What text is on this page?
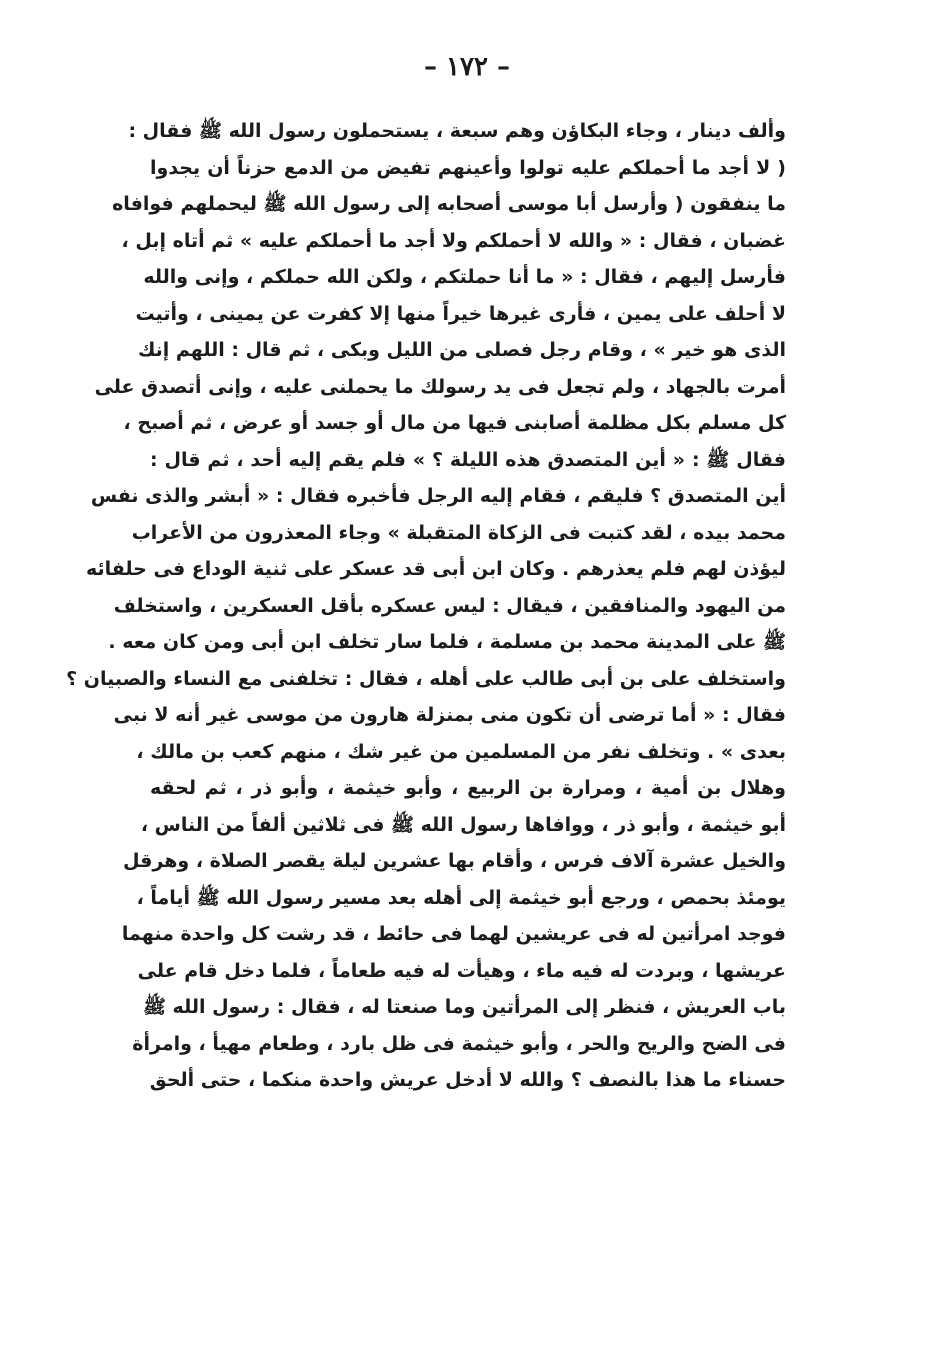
– ١٧٢ –
وألف دينار ، وجاء البكاؤن وهم سبعة ، يستحملون رسول الله ﷺ فقال :
( لا أجد ما أحملكم عليه تولوا وأعينهم تفيض من الدمع حزناً أن يجدوا
ما ينفقون ( وأرسل أبا موسى أصحابه إلى رسول الله ﷺ ليحملهم فوافاه
غضبان ، فقال : « والله لا أحملكم ولا أجد ما أحملكم عليه » ثم أتاه إبل ،
فأرسل إليهم ، فقال : « ما أنا حملتكم ، ولكن الله حملكم ، وإنى والله
لا أحلف على يمين ، فأرى غيرها خيراً منها إلا كفرت عن يمينى ، وأتيت
الذى هو خير » ، وقام رجل فصلى من الليل وبكى ، ثم قال : اللهم إنك
أمرت بالجهاد ، ولم تجعل فى يد رسولك ما يحملنى عليه ، وإنى أتصدق على
كل مسلم بكل مظلمة أصابنى فيها من مال أو جسد أو عرض ، ثم أصبح ،
فقال ﷺ : « أين المتصدق هذه الليلة ؟ » فلم يقم إليه أحد ، ثم قال :
أين المتصدق ؟ فليقم ، فقام إليه الرجل فأخبره فقال : « أبشر والذى نفس
محمد بيده ، لقد كتبت فى الزكاة المتقبلة » وجاء المعذرون من الأعراب
ليؤذن لهم فلم يعذرهم . وكان ابن أبى قد عسكر على ثنية الوداع فى حلفائه
من اليهود والمنافقين ، فيقال : ليس عسكره بأقل العسكرين ، واستخلف
ﷺ على المدينة محمد بن مسلمة ، فلما سار تخلف ابن أبى ومن كان معه .
واستخلف على بن أبى طالب على أهله ، فقال : تخلفنى مع النساء والصبيان ؟
فقال : « أما ترضى أن تكون منى بمنزلة هارون من موسى غير أنه لا نبى
بعدى » . وتخلف نفر من المسلمين من غير شك ، منهم كعب بن مالك ،
وهلال بن أمية ، ومرارة بن الربيع ، وأبو خيثمة ، وأبو ذر ، ثم لحقه
أبو خيثمة ، وأبو ذر ، ووافاها رسول الله ﷺ فى ثلاثين ألفاً من الناس ،
والخيل عشرة آلاف فرس ، وأقام بها عشرين ليلة يقصر الصلاة ، وهرقل
يومئذ بحمص ، ورجع أبو خيثمة إلى أهله بعد مسير رسول الله ﷺ أياماً ،
فوجد امرأتين له فى عريشين لهما فى حائط ، قد رشت كل واحدة منهما
عريشها ، وبردت له فيه ماء ، وهيأت له فيه طعاماً ، فلما دخل قام على
باب العريش ، فنظر إلى المرأتين وما صنعتا له ، فقال : رسول الله ﷺ
فى الضح والريح والحر ، وأبو خيثمة فى ظل بارد ، وطعام مهيأ ، وامرأة
حسناء ما هذا بالنصف ؟ والله لا أدخل عريش واحدة منكما ، حتى ألحق
